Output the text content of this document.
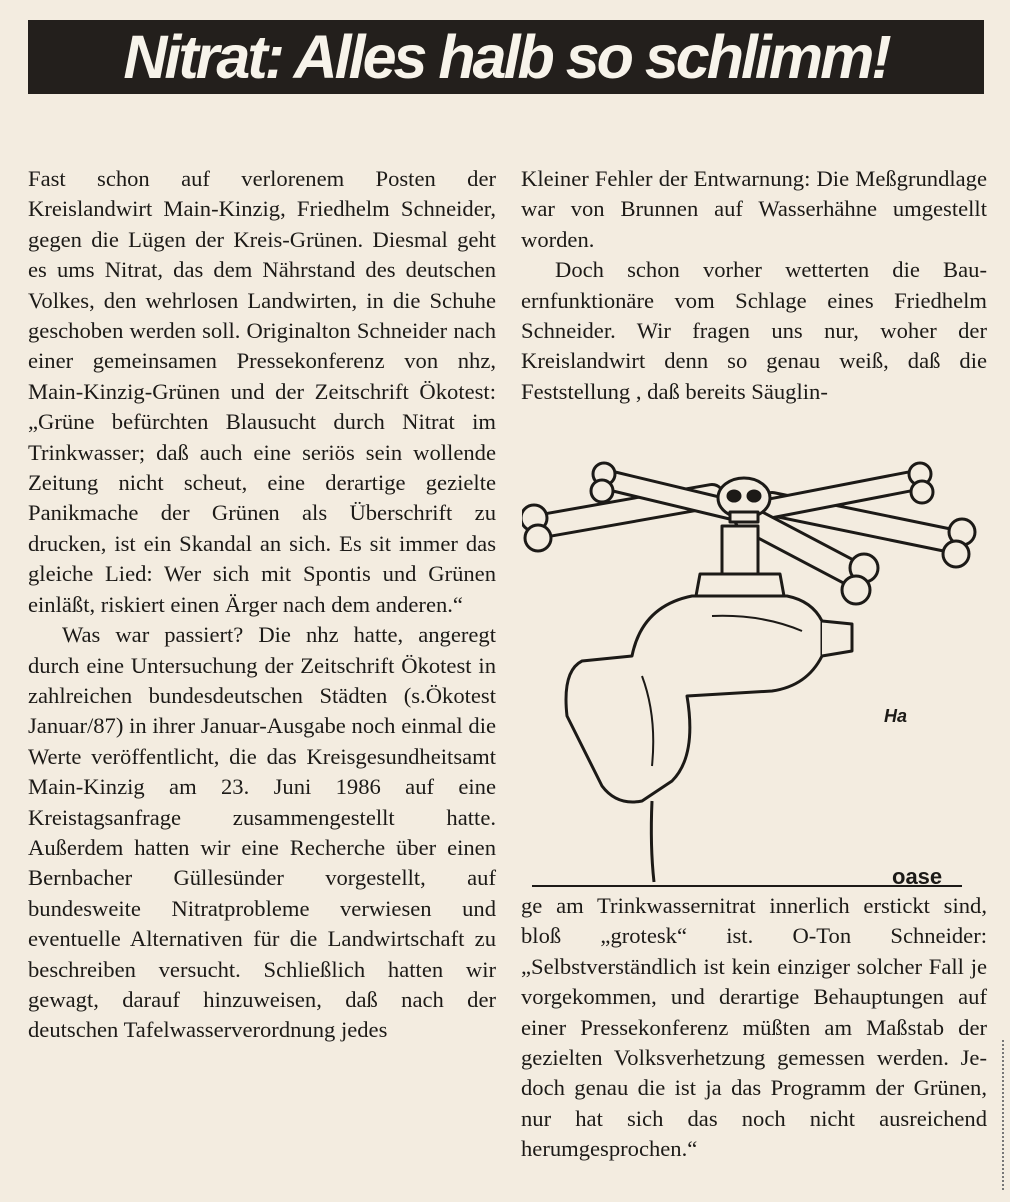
Nitrat: Alles halb so schlimm!

Fast schon auf verlorenem Posten der Kreislandwirt Main-Kinzig, Friedhelm Schneider, gegen die Lügen der Kreis-Grünen. Diesmal geht es ums Nitrat, das dem Nährstand des deutschen Volkes, den wehrlosen Landwirten, in die Schuhe geschoben werden soll. Originalton Schneider nach einer gemeinsamen Pressekonferenz von nhz, Main-Kinzig-Grünen und der Zeitschrift Ökotest: „Grüne befürchten Blausucht durch Nitrat im Trinkwasser; daß auch eine seriös sein wollende Zeitung nicht scheut, eine derartige gezielte Panikmache der Grünen als Überschrift zu drucken, ist ein Skandal an sich. Es sit immer das gleiche Lied: Wer sich mit Spontis und Grünen einläßt, riskiert einen Ärger nach dem anderen.“

Was war passiert? Die nhz hatte, angeregt durch eine Untersuchung der Zeitschrift Ökotest in zahlreichen bundesdeutschen Städten (s.Ökotest Januar/87) in ihrer Januar-Ausgabe noch einmal die Werte veröffentlicht, die das Kreisgesundheitsamt Main-Kinzig am 23. Juni 1986 auf eine Kreistagsanfrage zusammengestellt hatte. Außerdem hatten wir eine Recherche über einen Bernbacher Güllesünder vorgestellt, auf bundesweite Nitratprobleme verwiesen und eventuelle Alternativen für die Landwirtschaft zu beschreiben versucht. Schließlich hatten wir gewagt, darauf hinzuweisen, daß nach der deutschen Tafelwasserverordnung jedes

Kleiner Fehler der Entwarnung: Die Meßgrundlage war von Brunnen auf Wasserhähne umgestellt worden.

Doch schon vorher wetterten die Bauernfunktionäre vom Schlage eines Friedhelm Schneider. Wir fragen uns nur, woher der Kreislandwirt denn so genau weiß, daß die Feststellung , daß bereits Säuglin-

Ha
oase

ge am Trinkwassernitrat innerlich erstickt sind, bloß „grotesk“ ist. O-Ton Schneider: „Selbstverständlich ist kein einziger solcher Fall je vorgekommen, und derartige Behauptungen auf einer Pressekonferenz müßten am Maßstab der gezielten Volksverhetzung gemessen werden. Jedoch genau die ist ja das Programm der Grünen, nur hat sich das noch nicht ausreichend herumgesprochen.“
